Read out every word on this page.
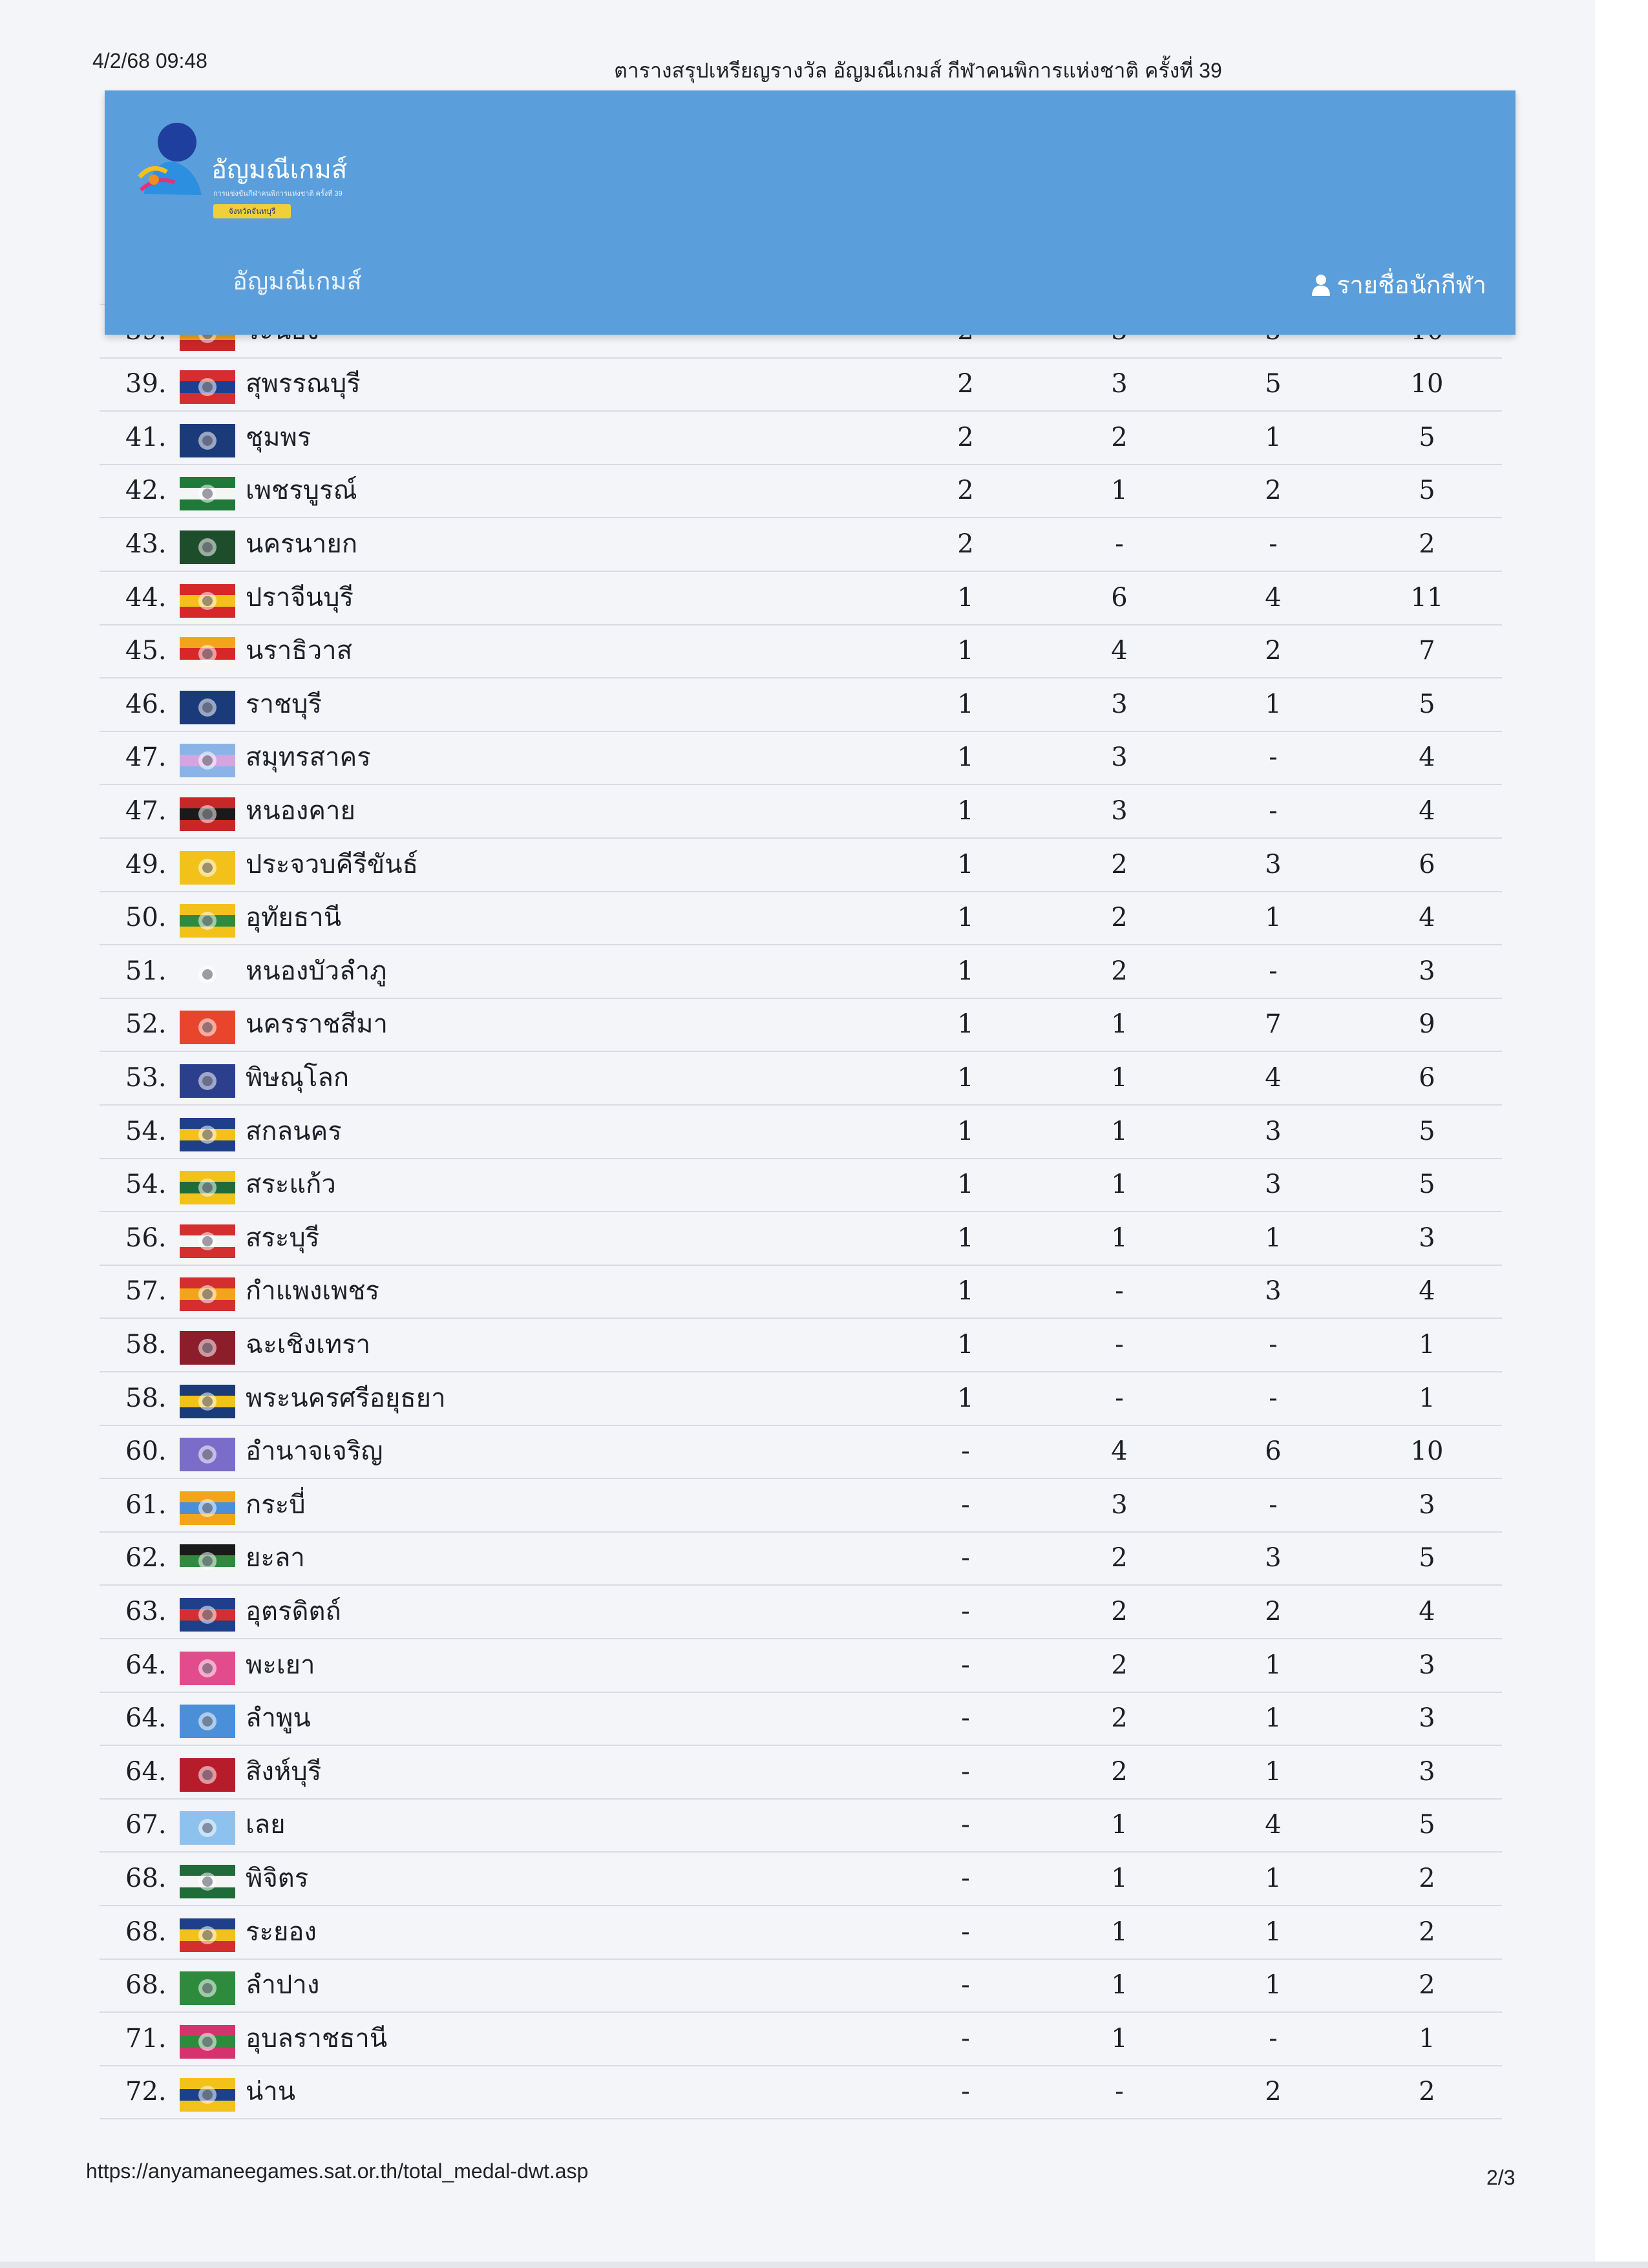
4/2/68 09:48	ตารางสรุปเหรียญรางวัล อัญมณีเกมส์ กีฬาคนพิการแห่งชาติ ครั้งที่ 39
อัญมณีเกมส์
การแข่งขันกีฬาคนพิการแห่งชาติ ครั้งที่ 39
จังหวัดจันทบุรี
อัญมณีเกมส์	รายชื่อนักกีฬา
39.	สุพรรณบุรี	2	3	5	10
41.	ชุมพร	2	2	1	5
42.	เพชรบูรณ์	2	1	2	5
43.	นครนายก	2	-	-	2
44.	ปราจีนบุรี	1	6	4	11
45.	นราธิวาส	1	4	2	7
46.	ราชบุรี	1	3	1	5
47.	สมุทรสาคร	1	3	-	4
47.	หนองคาย	1	3	-	4
49.	ประจวบคีรีขันธ์	1	2	3	6
50.	อุทัยธานี	1	2	1	4
51.	หนองบัวลำภู	1	2	-	3
52.	นครราชสีมา	1	1	7	9
53.	พิษณุโลก	1	1	4	6
54.	สกลนคร	1	1	3	5
54.	สระแก้ว	1	1	3	5
56.	สระบุรี	1	1	1	3
57.	กำแพงเพชร	1	-	3	4
58.	ฉะเชิงเทรา	1	-	-	1
58.	พระนครศรีอยุธยา	1	-	-	1
60.	อำนาจเจริญ	-	4	6	10
61.	กระบี่	-	3	-	3
62.	ยะลา	-	2	3	5
63.	อุตรดิตถ์	-	2	2	4
64.	พะเยา	-	2	1	3
64.	ลำพูน	-	2	1	3
64.	สิงห์บุรี	-	2	1	3
67.	เลย	-	1	4	5
68.	พิจิตร	-	1	1	2
68.	ระยอง	-	1	1	2
68.	ลำปาง	-	1	1	2
71.	อุบลราชธานี	-	1	-	1
72.	น่าน	-	-	2	2
https://anyamaneegames.sat.or.th/total_medal-dwt.asp	2/3
